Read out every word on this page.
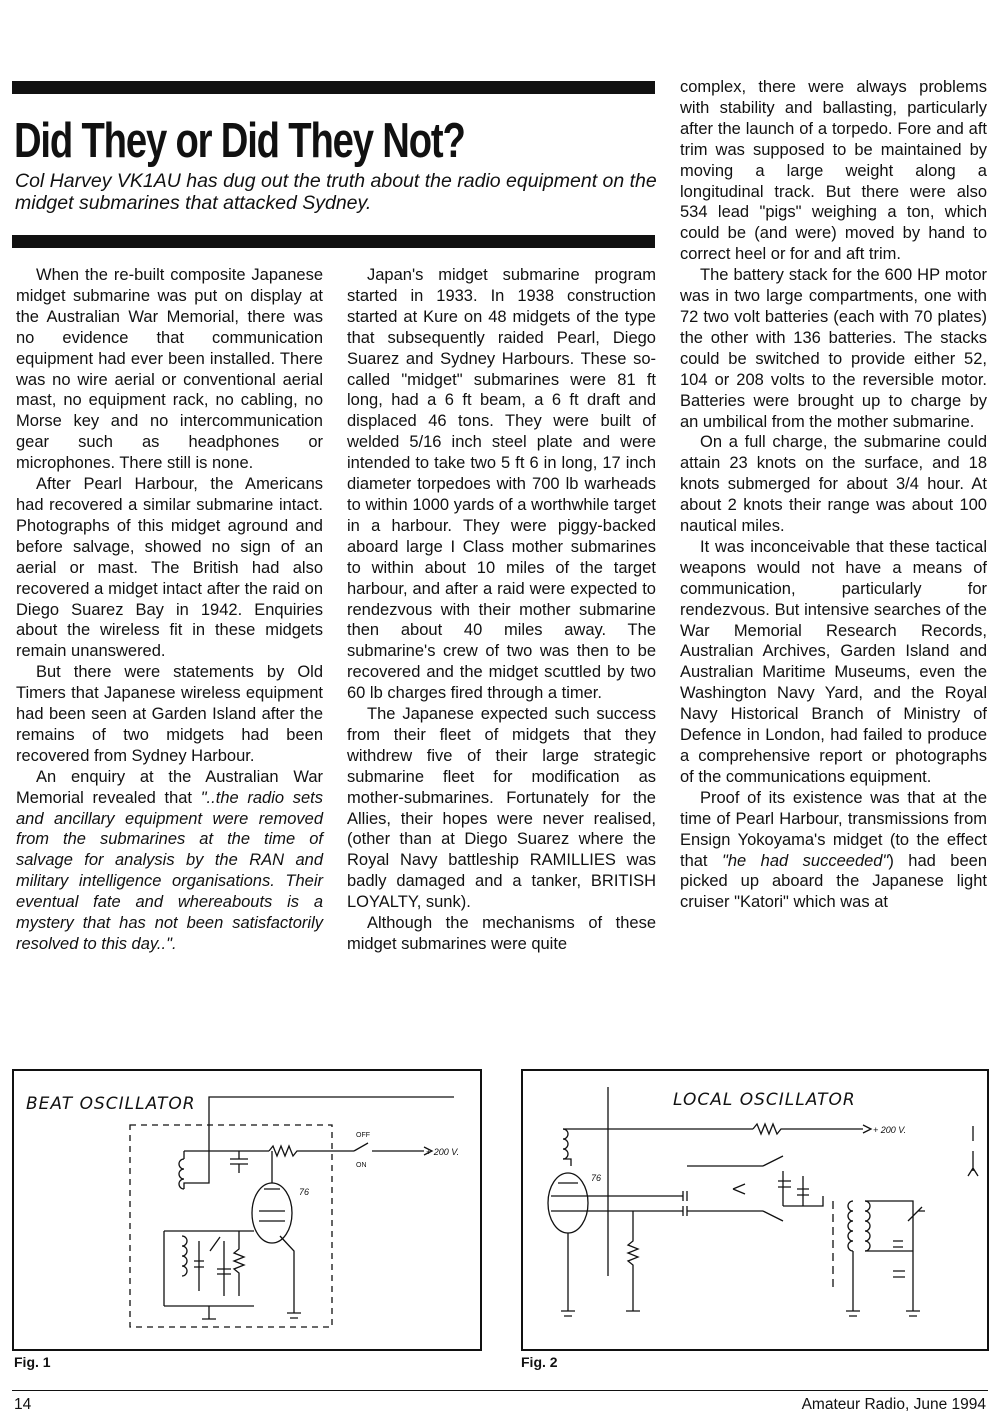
Did They or Did They Not?

Col Harvey VK1AU has dug out the truth about the radio equipment on the midget submarines that attacked Sydney.

When the re-built composite Japanese midget submarine was put on display at the Australian War Memorial, there was no evidence that communication equipment had ever been installed. There was no wire aerial or conventional aerial mast, no equipment rack, no cabling, no Morse key and no intercommunication gear such as headphones or microphones. There still is none.

After Pearl Harbour, the Americans had recovered a similar submarine intact. Photographs of this midget aground and before salvage, showed no sign of an aerial or mast. The British had also recovered a midget intact after the raid on Diego Suarez Bay in 1942. Enquiries about the wireless fit in these midgets remain unanswered.

But there were statements by Old Timers that Japanese wireless equipment had been seen at Garden Island after the remains of two midgets had been recovered from Sydney Harbour.

An enquiry at the Australian War Memorial revealed that "..the radio sets and ancillary equipment were removed from the submarines at the time of salvage for analysis by the RAN and military intelligence organisations. Their eventual fate and whereabouts is a mystery that has not been satisfactorily resolved to this day..".

Japan's midget submarine program started in 1933. In 1938 construction started at Kure on 48 midgets of the type that subsequently raided Pearl, Diego Suarez and Sydney Harbours. These so-called "midget" submarines were 81 ft long, had a 6 ft beam, a 6 ft draft and displaced 46 tons. They were built of welded 5/16 inch steel plate and were intended to take two 5 ft 6 in long, 17 inch diameter torpedoes with 700 lb warheads to within 1000 yards of a worthwhile target in a harbour. They were piggy-backed aboard large I Class mother submarines to within about 10 miles of the target harbour, and after a raid were expected to rendezvous with their mother submarine then about 40 miles away. The submarine's crew of two was then to be recovered and the midget scuttled by two 60 lb charges fired through a timer.

The Japanese expected such success from their fleet of midgets that they withdrew five of their large strategic submarine fleet for modification as mother-submarines. Fortunately for the Allies, their hopes were never realised, (other than at Diego Suarez where the Royal Navy battleship RAMILLIES was badly damaged and a tanker, BRITISH LOYALTY, sunk).

Although the mechanisms of these midget submarines were quite

complex, there were always problems with stability and ballasting, particularly after the launch of a torpedo. Fore and aft trim was supposed to be maintained by moving a large weight along a longitudinal track. But there were also 534 lead "pigs" weighing a ton, which could be (and were) moved by hand to correct heel or for and aft trim.

The battery stack for the 600 HP motor was in two large compartments, one with 72 two volt batteries (each with 70 plates) the other with 136 batteries. The stacks could be switched to provide either 52, 104 or 208 volts to the reversible motor. Batteries were brought up to charge by an umbilical from the mother submarine.

On a full charge, the submarine could attain 23 knots on the surface, and 18 knots submerged for about 3/4 hour. At about 2 knots their range was about 100 nautical miles.

It was inconceivable that these tactical weapons would not have a means of communication, particularly for rendezvous. But intensive searches of the War Memorial Research Records, Australian Archives, Garden Island and Australian Maritime Museums, even the Washington Navy Yard, and the Royal Navy Historical Branch of Ministry of Defence in London, had failed to produce a comprehensive report or photographs of the communications equipment.

Proof of its existence was that at the time of Pearl Harbour, transmissions from Ensign Yokoyama's midget (to the effect that "he had succeeded") had been picked up aboard the Japanese light cruiser "Katori" which was at

BEAT OSCILLATOR
OFF
ON
+ 200 V.
76
Fig. 1
LOCAL OSCILLATOR
+ 200 V.
76
Fig. 2
14	Amateur Radio, June 1994
